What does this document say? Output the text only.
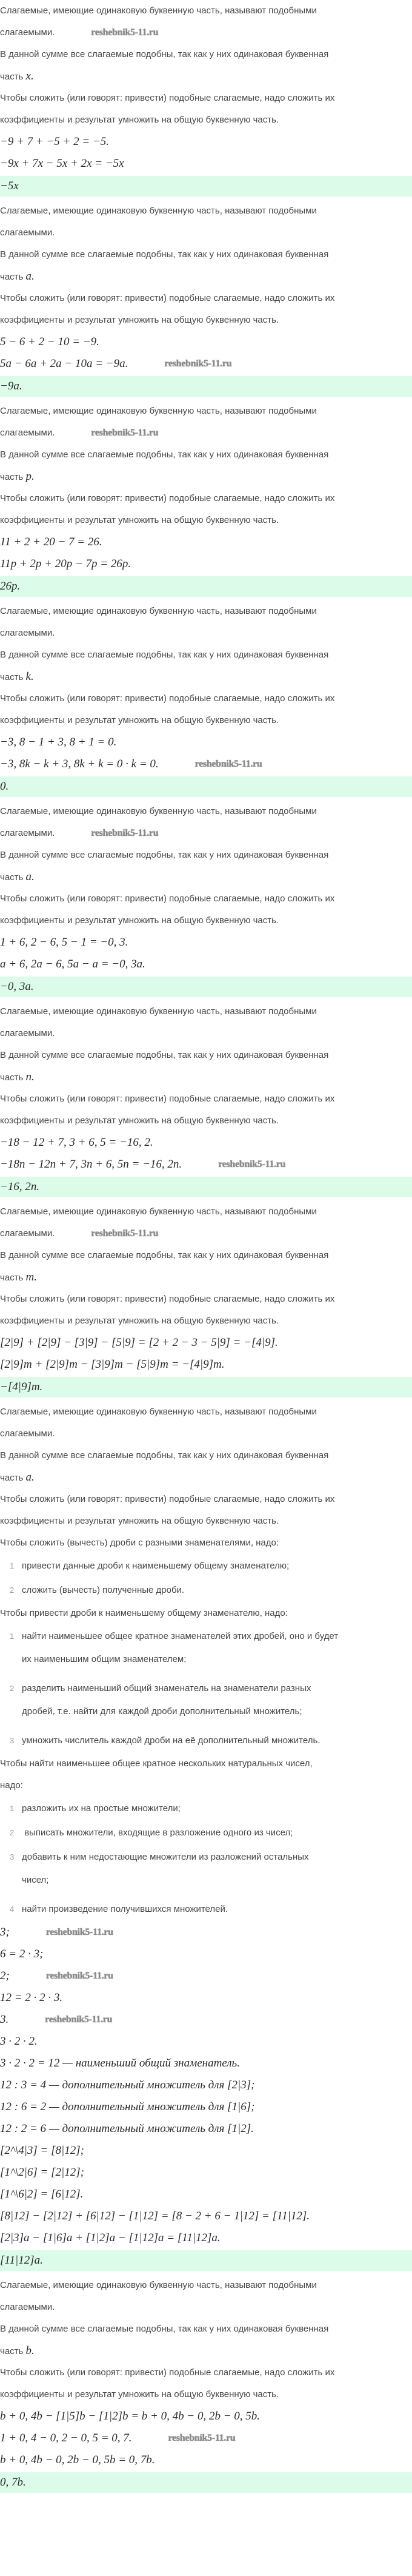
Слагаемые, имеющие одинаковую буквенную часть, называют подобными
слагаемыми.	reshebnik5-11.ru
В данной сумме все слагаемые подобны, так как у них одинаковая буквенная
часть x.
Чтобы сложить (или говорят: привести) подобные слагаемые, надо сложить их
коэффициенты и результат умножить на общую буквенную часть.
−9 + 7 + −5 + 2 = −5.
−9x + 7x − 5x + 2x = −5x
−5x
Слагаемые, имеющие одинаковую буквенную часть, называют подобными
слагаемыми.
В данной сумме все слагаемые подобны, так как у них одинаковая буквенная
часть a.
Чтобы сложить (или говорят: привести) подобные слагаемые, надо сложить их
коэффициенты и результат умножить на общую буквенную часть.
5 − 6 + 2 − 10 = −9.
5a − 6a + 2a − 10a = −9a.	reshebnik5-11.ru
−9a.
Слагаемые, имеющие одинаковую буквенную часть, называют подобными
слагаемыми.	reshebnik5-11.ru
В данной сумме все слагаемые подобны, так как у них одинаковая буквенная
часть p.
Чтобы сложить (или говорят: привести) подобные слагаемые, надо сложить их
коэффициенты и результат умножить на общую буквенную часть.
11 + 2 + 20 − 7 = 26.
11p + 2p + 20p − 7p = 26p.
26p.
Слагаемые, имеющие одинаковую буквенную часть, называют подобными
слагаемыми.
В данной сумме все слагаемые подобны, так как у них одинаковая буквенная
часть k.
Чтобы сложить (или говорят: привести) подобные слагаемые, надо сложить их
коэффициенты и результат умножить на общую буквенную часть.
−3, 8 − 1 + 3, 8 + 1 = 0.
−3, 8k − k + 3, 8k + k = 0 · k = 0.	reshebnik5-11.ru
0.
Слагаемые, имеющие одинаковую буквенную часть, называют подобными
слагаемыми.	reshebnik5-11.ru
В данной сумме все слагаемые подобны, так как у них одинаковая буквенная
часть a.
Чтобы сложить (или говорят: привести) подобные слагаемые, надо сложить их
коэффициенты и результат умножить на общую буквенную часть.
1 + 6, 2 − 6, 5 − 1 = −0, 3.
a + 6, 2a − 6, 5a − a = −0, 3a.
−0, 3a.
Слагаемые, имеющие одинаковую буквенную часть, называют подобными
слагаемыми.
В данной сумме все слагаемые подобны, так как у них одинаковая буквенная
часть n.
Чтобы сложить (или говорят: привести) подобные слагаемые, надо сложить их
коэффициенты и результат умножить на общую буквенную часть.
−18 − 12 + 7, 3 + 6, 5 = −16, 2.
−18n − 12n + 7, 3n + 6, 5n = −16, 2n.	reshebnik5-11.ru
−16, 2n.
Слагаемые, имеющие одинаковую буквенную часть, называют подобными
слагаемыми.	reshebnik5-11.ru
В данной сумме все слагаемые подобны, так как у них одинаковая буквенная
часть m.
Чтобы сложить (или говорят: привести) подобные слагаемые, надо сложить их
коэффициенты и результат умножить на общую буквенную часть.
[2|9] + [2|9] − [3|9] − [5|9] = [2 + 2 − 3 − 5|9] = −[4|9].
[2|9]m + [2|9]m − [3|9]m − [5|9]m = −[4|9]m.
−[4|9]m.
Слагаемые, имеющие одинаковую буквенную часть, называют подобными
слагаемыми.
В данной сумме все слагаемые подобны, так как у них одинаковая буквенная
часть a.
Чтобы сложить (или говорят: привести) подобные слагаемые, надо сложить их
коэффициенты и результат умножить на общую буквенную часть.
Чтобы сложить (вычесть) дроби с разными знаменателями, надо:
1 привести данные дроби к наименьшему общему знаменателю;
2 сложить (вычесть) полученные дроби.
Чтобы привести дроби к наименьшему общему знаменателю, надо:
1 найти наименьшее общее кратное знаменателей этих дробей, оно и будет
их наименьшим общим знаменателем;
2 разделить наименьший общий знаменатель на знаменатели разных
дробей, т.е. найти для каждой дроби дополнительный множитель;
3 умножить числитель каждой дроби на её дополнительный множитель.
Чтобы найти наименьшее общее кратное нескольких натуральных чисел,
надо:
1 разложить их на простые множители;
2 выписать множители, входящие в разложение одного из чисел;
3 добавить к ним недостающие множители из разложений остальных
чисел;
4 найти произведение получившихся множителей.
3;	reshebnik5-11.ru
6 = 2 · 3;
2;	reshebnik5-11.ru
12 = 2 · 2 · 3.
3.	reshebnik5-11.ru
3 · 2 · 2.
3 · 2 · 2 = 12 — наименьший общий знаменатель.
12 : 3 = 4 — дополнительный множитель для [2|3];
12 : 6 = 2 — дополнительный множитель для [1|6];
12 : 2 = 6 — дополнительный множитель для [1|2].
[2^\4|3] = [8|12];
[1^\2|6] = [2|12];
[1^\6|2] = [6|12].
[8|12] − [2|12] + [6|12] − [1|12] = [8 − 2 + 6 − 1|12] = [11|12].
[2|3]a − [1|6]a + [1|2]a − [1|12]a = [11|12]a.
[11|12]a.
Слагаемые, имеющие одинаковую буквенную часть, называют подобными
слагаемыми.
В данной сумме все слагаемые подобны, так как у них одинаковая буквенная
часть b.
Чтобы сложить (или говорят: привести) подобные слагаемые, надо сложить их
коэффициенты и результат умножить на общую буквенную часть.
b + 0, 4b − [1|5]b − [1|2]b = b + 0, 4b − 0, 2b − 0, 5b.
1 + 0, 4 − 0, 2 − 0, 5 = 0, 7.	reshebnik5-11.ru
b + 0, 4b − 0, 2b − 0, 5b = 0, 7b.
0, 7b.
